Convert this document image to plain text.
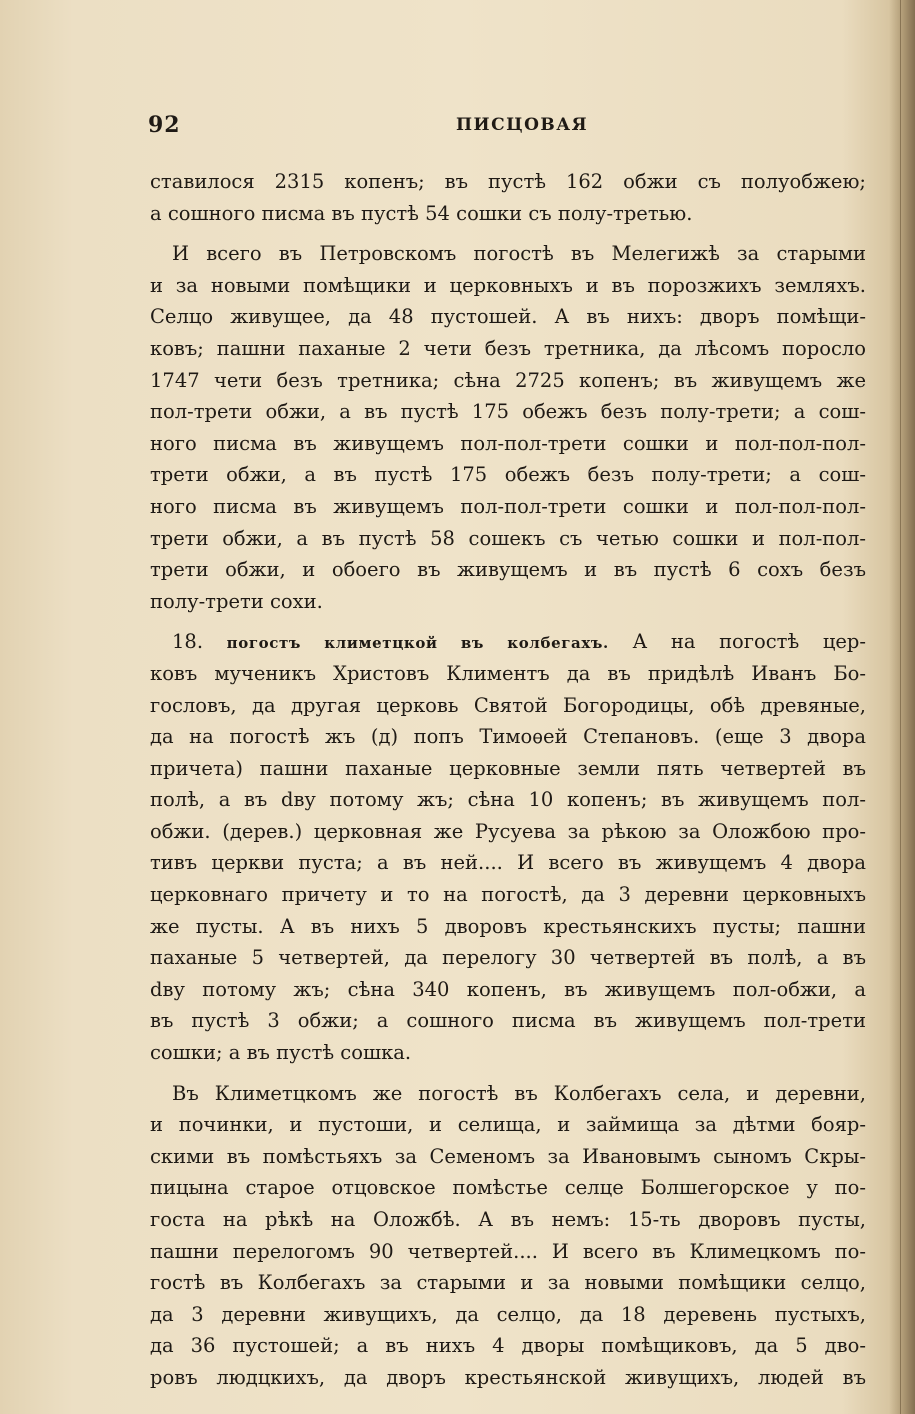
92	ПИСЦОВАЯ
ставилося 2315 копенъ; въ пустѣ 162 обжи съ полуобжею;
а сошного писма въ пустѣ 54 сошки съ полу-третью.
И всего въ Петровскомъ погостѣ въ Мелегижѣ за старыми
и за новыми помѣщики и церковныхъ и въ порозжихъ земляхъ.
Селцо живущее, да 48 пустошей. А въ нихъ: дворъ помѣщи-
ковъ; пашни паханые 2 чети безъ третника, да лѣсомъ поросло
1747 чети безъ третника; сѣна 2725 копенъ; въ живущемъ же
пол-трети обжи, а въ пустѣ 175 обежъ безъ полу-трети; а сош-
ного писма въ живущемъ пол-пол-трети сошки и пол-пол-пол-
трети обжи, а въ пустѣ 175 обежъ безъ полу-трети; а сош-
ного писма въ живущемъ пол-пол-трети сошки и пол-пол-пол-
трети обжи, а въ пустѣ 58 сошекъ съ четью сошки и пол-пол-
трети обжи, и обоего въ живущемъ и въ пустѣ 6 сохъ безъ
полу-трети сохи.
18. погостъ климетцкой въ колбегахъ. А на погостѣ цер-
ковъ мученикъ Христовъ Климентъ да въ придѣлѣ Иванъ Бо-
гословъ, да другая церковь Святой Богородицы, обѣ древяные,
да на погостѣ жъ (д) попъ Тимоѳей Степановъ. (еще 3 двора
причета) пашни паханые церковные земли пять четвертей въ
полѣ, а въ dву потому жъ; сѣна 10 копенъ; въ живущемъ пол-
обжи. (дерев.) церковная же Русуева за рѣкою за Оложбою про-
тивъ церкви пуста; а въ ней.... И всего въ живущемъ 4 двора
церковнаго причету и то на погостѣ, да 3 деревни церковныхъ
же пусты. А въ нихъ 5 дворовъ крестьянскихъ пусты; пашни
паханые 5 четвертей, да перелогу 30 четвертей въ полѣ, а въ
dву потому жъ; сѣна 340 копенъ, въ живущемъ пол-обжи, а
въ пустѣ 3 обжи; а сошного писма въ живущемъ пол-трети
сошки; а въ пустѣ сошка.
Въ Климетцкомъ же погостѣ въ Колбегахъ села, и деревни,
и починки, и пустоши, и селища, и займища за дѣтми бояр-
скими въ помѣстьяхъ за Семеномъ за Ивановымъ сыномъ Скры-
пицына старое отцовское помѣстье селце Болшегорское у по-
госта на рѣкѣ на Оложбѣ. А въ немъ: 15-ть дворовъ пусты,
пашни перелогомъ 90 четвертей.... И всего въ Климецкомъ по-
гостѣ въ Колбегахъ за старыми и за новыми помѣщики селцо,
да 3 деревни живущихъ, да селцо, да 18 деревень пустыхъ,
да 36 пустошей; а въ нихъ 4 дворы помѣщиковъ, да 5 дво-
ровъ людцкихъ, да дворъ крестьянской живущихъ, людей въ
